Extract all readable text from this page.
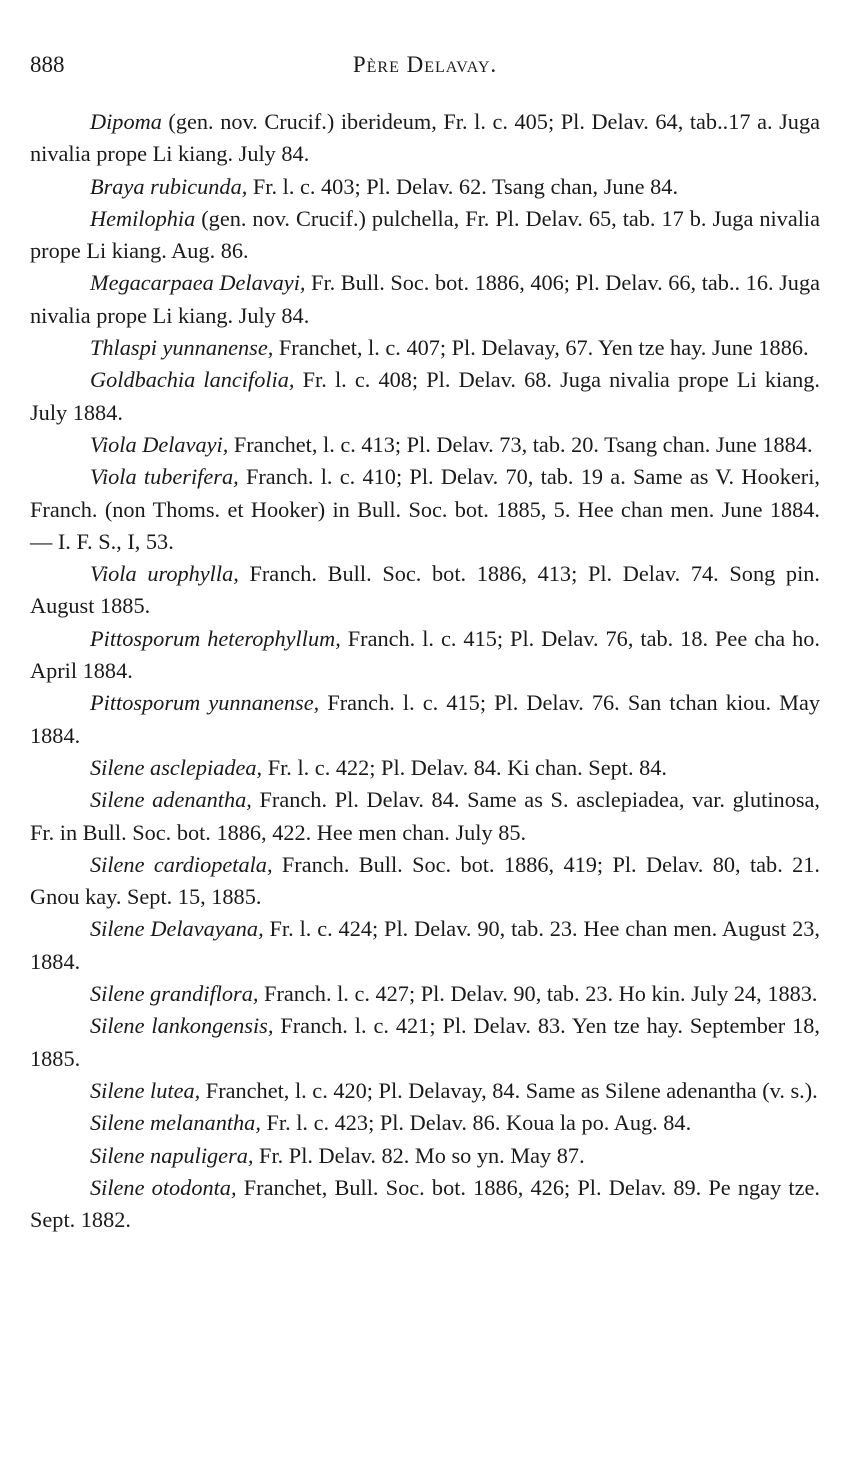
888	Père Delavay.

Dipoma (gen. nov. Crucif.) iberideum, Fr. l. c. 405; Pl. Delav. 64, tab..17 a. Juga nivalia prope Li kiang. July 84.

Braya rubicunda, Fr. l. c. 403; Pl. Delav. 62. Tsang chan, June 84.

Hemilophia (gen. nov. Crucif.) pulchella, Fr. Pl. Delav. 65, tab. 17 b. Juga nivalia prope Li kiang. Aug. 86.

Megacarpaea Delavayi, Fr. Bull. Soc. bot. 1886, 406; Pl. Delav. 66, tab.. 16. Juga nivalia prope Li kiang. July 84.

Thlaspi yunnanense, Franchet, l. c. 407; Pl. Delavay, 67. Yen tze hay. June 1886.

Goldbachia lancifolia, Fr. l. c. 408; Pl. Delav. 68. Juga nivalia prope Li kiang. July 1884.

Viola Delavayi, Franchet, l. c. 413; Pl. Delav. 73, tab. 20. Tsang chan. June 1884.

Viola tuberifera, Franch. l. c. 410; Pl. Delav. 70, tab. 19 a. Same as V. Hookeri, Franch. (non Thoms. et Hooker) in Bull. Soc. bot. 1885, 5. Hee chan men. June 1884. — I. F. S., I, 53.

Viola urophylla, Franch. Bull. Soc. bot. 1886, 413; Pl. Delav. 74. Song pin. August 1885.

Pittosporum heterophyllum, Franch. l. c. 415; Pl. Delav. 76, tab. 18. Pee cha ho. April 1884.

Pittosporum yunnanense, Franch. l. c. 415; Pl. Delav. 76. San tchan kiou. May 1884.

Silene asclepiadea, Fr. l. c. 422; Pl. Delav. 84. Ki chan. Sept. 84.

Silene adenantha, Franch. Pl. Delav. 84. Same as S. asclepiadea, var. glutinosa, Fr. in Bull. Soc. bot. 1886, 422. Hee men chan. July 85.

Silene cardiopetala, Franch. Bull. Soc. bot. 1886, 419; Pl. Delav. 80, tab. 21. Gnou kay. Sept. 15, 1885.

Silene Delavayana, Fr. l. c. 424; Pl. Delav. 90, tab. 23. Hee chan men. August 23, 1884.

Silene grandiflora, Franch. l. c. 427; Pl. Delav. 90, tab. 23. Ho kin. July 24, 1883.

Silene lankongensis, Franch. l. c. 421; Pl. Delav. 83. Yen tze hay. September 18, 1885.

Silene lutea, Franchet, l. c. 420; Pl. Delavay, 84. Same as Silene adenantha (v. s.).

Silene melanantha, Fr. l. c. 423; Pl. Delav. 86. Koua la po. Aug. 84.

Silene napuligera, Fr. Pl. Delav. 82. Mo so yn. May 87.

Silene otodonta, Franchet, Bull. Soc. bot. 1886, 426; Pl. Delav. 89. Pe ngay tze. Sept. 1882.
